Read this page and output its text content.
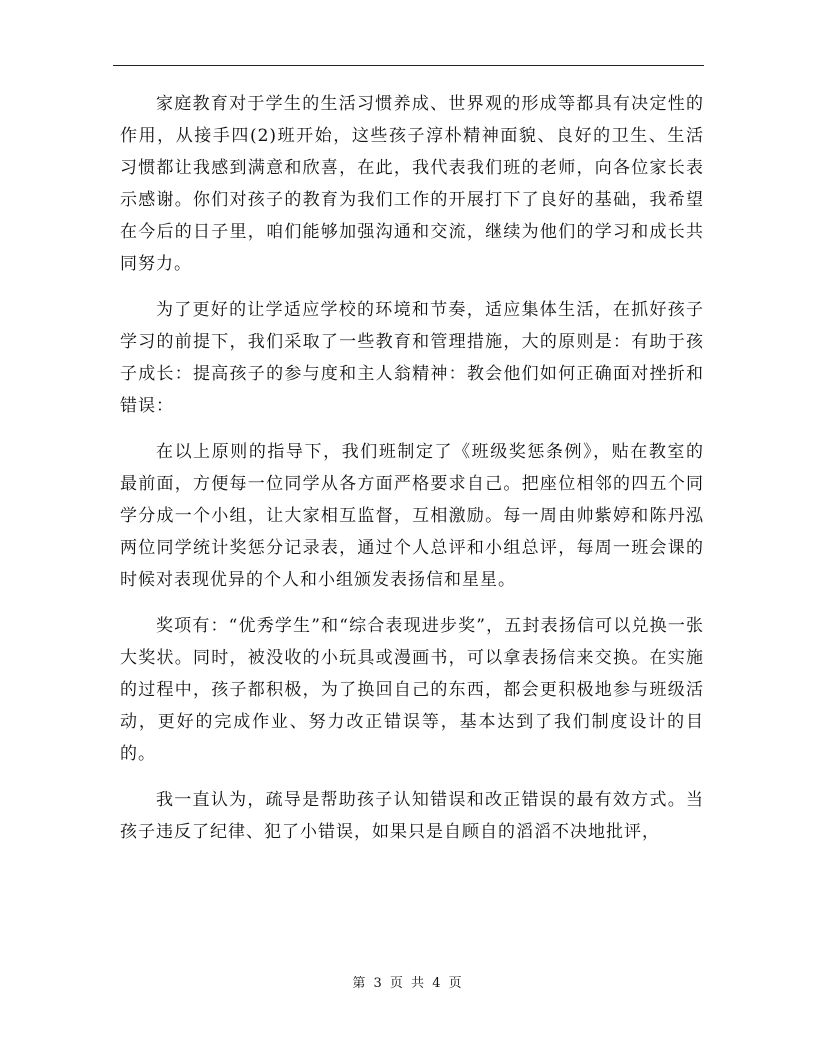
家庭教育对于学生的生活习惯养成、世界观的形成等都具有决定性的作用，从接手四(2)班开始，这些孩子淳朴精神面貌、良好的卫生、生活习惯都让我感到满意和欣喜，在此，我代表我们班的老师，向各位家长表示感谢。你们对孩子的教育为我们工作的开展打下了良好的基础，我希望在今后的日子里，咱们能够加强沟通和交流，继续为他们的学习和成长共同努力。

为了更好的让学适应学校的环境和节奏，适应集体生活，在抓好孩子学习的前提下，我们采取了一些教育和管理措施，大的原则是：有助于孩子成长：提高孩子的参与度和主人翁精神：教会他们如何正确面对挫折和错误：

在以上原则的指导下，我们班制定了《班级奖惩条例》，贴在教室的最前面，方便每一位同学从各方面严格要求自己。把座位相邻的四五个同学分成一个小组，让大家相互监督，互相激励。每一周由帅紫婷和陈丹泓两位同学统计奖惩分记录表，通过个人总评和小组总评，每周一班会课的时候对表现优异的个人和小组颁发表扬信和星星。

奖项有：“优秀学生”和“综合表现进步奖”，五封表扬信可以兑换一张大奖状。同时，被没收的小玩具或漫画书，可以拿表扬信来交换。在实施的过程中，孩子都积极，为了换回自己的东西，都会更积极地参与班级活动，更好的完成作业、努力改正错误等，基本达到了我们制度设计的目的。

我一直认为，疏导是帮助孩子认知错误和改正错误的最有效方式。当孩子违反了纪律、犯了小错误，如果只是自顾自的滔滔不决地批评，

第 3 页 共 4 页
